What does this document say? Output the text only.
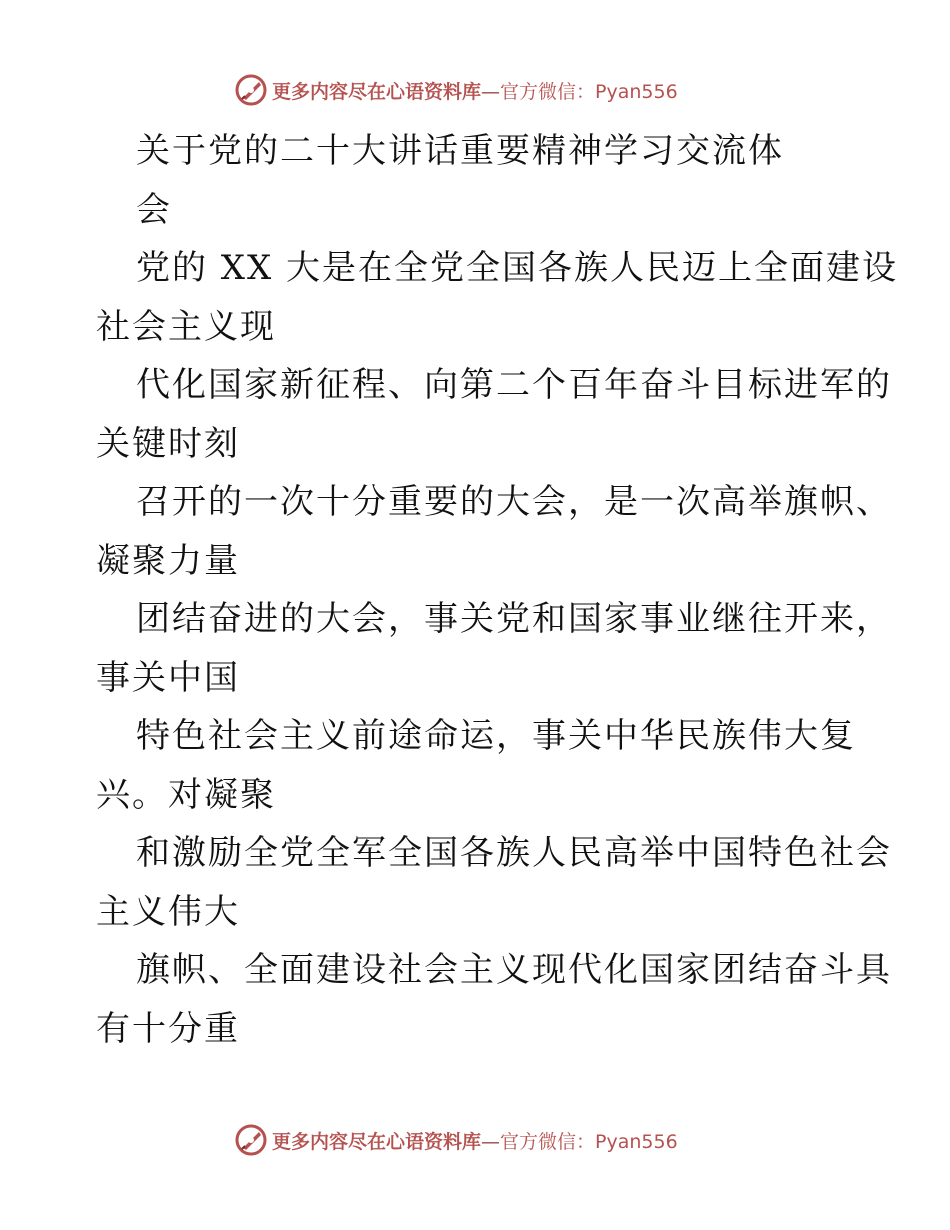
更多内容尽在心语资料库—官方微信：Pyan556
关于党的二十大讲话重要精神学习交流体
会
党的 XX 大是在全党全国各族人民迈上全面建设
社会主义现
代化国家新征程、向第二个百年奋斗目标进军的
关键时刻
召开的一次十分重要的大会，是一次高举旗帜、
凝聚力量
团结奋进的大会，事关党和国家事业继往开来，
事关中国
特色社会主义前途命运，事关中华民族伟大复
兴。对凝聚
和激励全党全军全国各族人民高举中国特色社会
主义伟大
旗帜、全面建设社会主义现代化国家团结奋斗具
有十分重
更多内容尽在心语资料库—官方微信：Pyan556
